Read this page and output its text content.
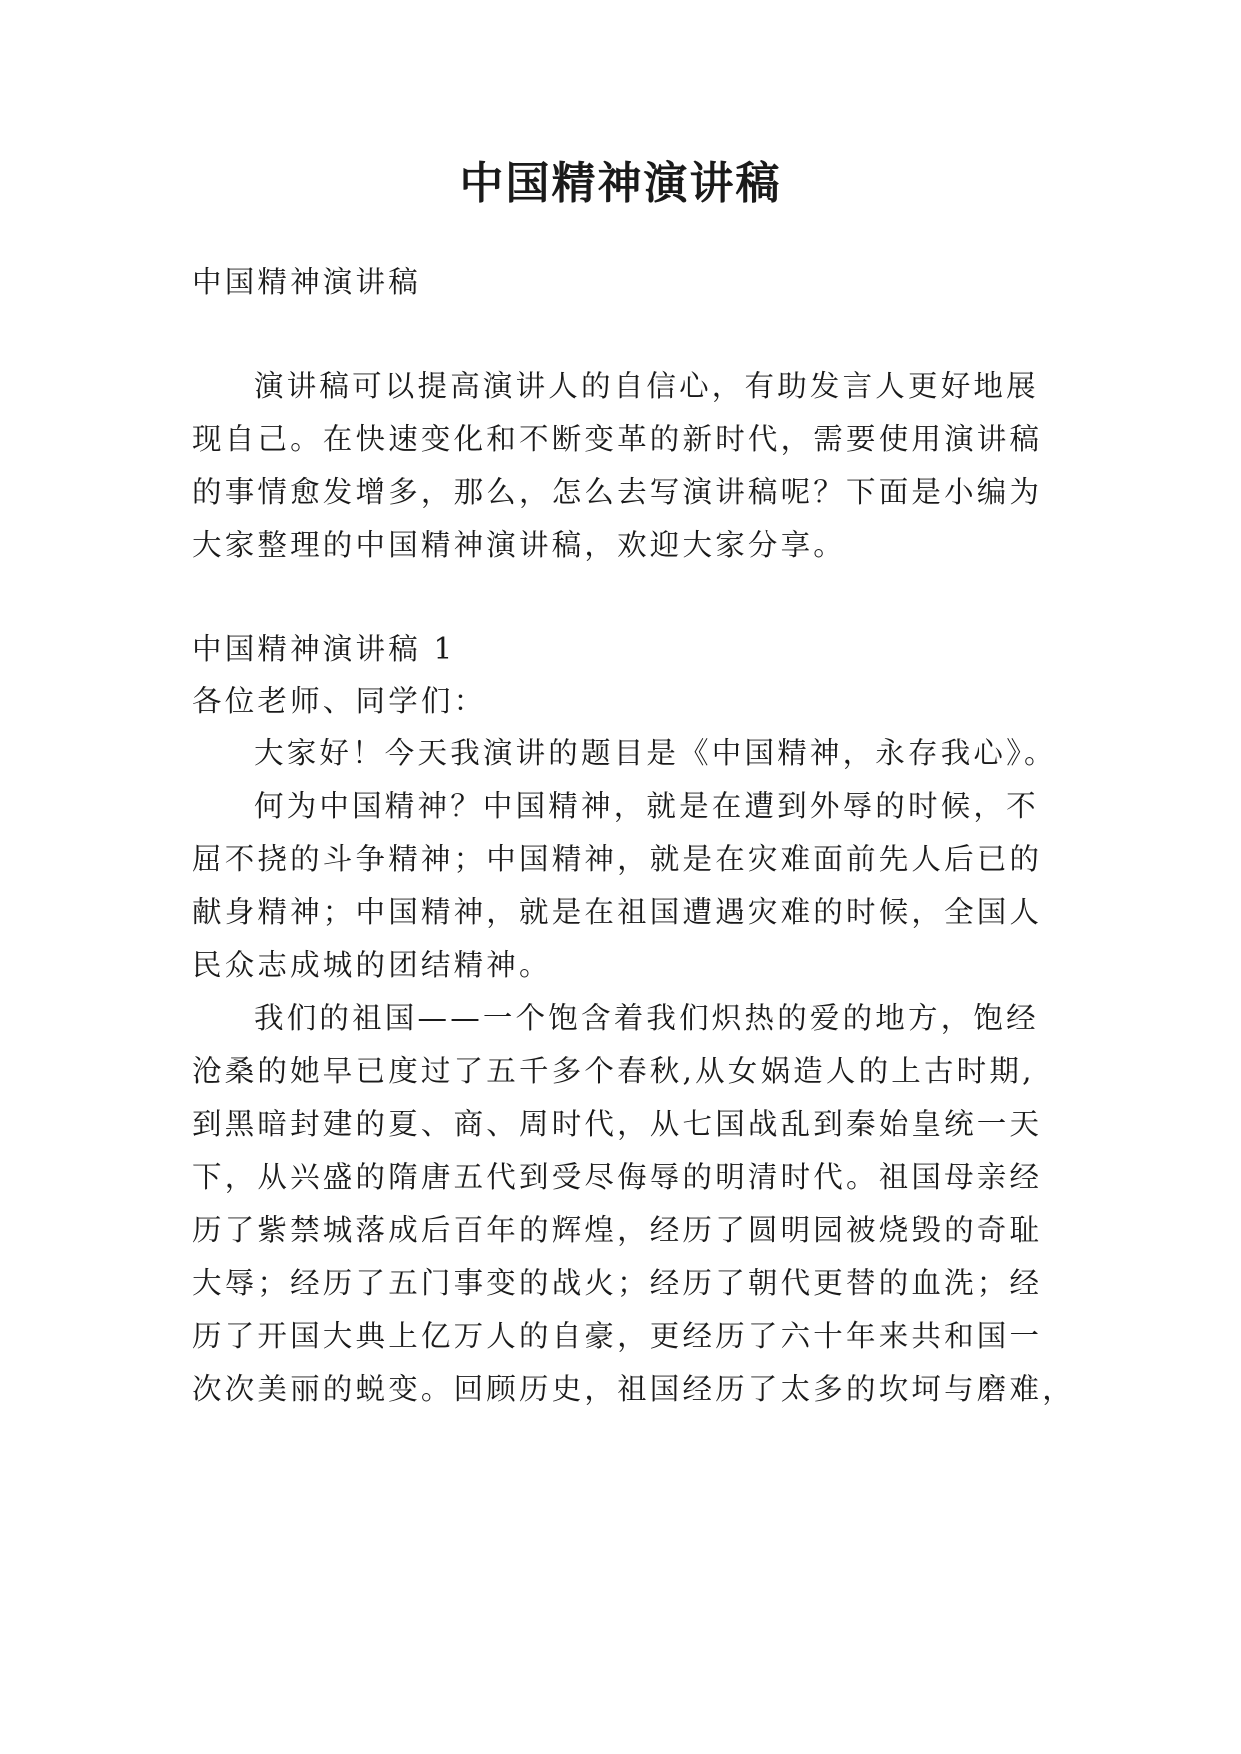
中国精神演讲稿
中国精神演讲稿
演讲稿可以提高演讲人的自信心，有助发言人更好地展
现自己。在快速变化和不断变革的新时代，需要使用演讲稿
的事情愈发增多，那么，怎么去写演讲稿呢？下面是小编为
大家整理的中国精神演讲稿，欢迎大家分享。
中国精神演讲稿 1
各位老师、同学们：
大家好！今天我演讲的题目是《中国精神，永存我心》。
何为中国精神？中国精神，就是在遭到外辱的时候，不
屈不挠的斗争精神；中国精神，就是在灾难面前先人后已的
献身精神；中国精神，就是在祖国遭遇灾难的时候，全国人
民众志成城的团结精神。
我们的祖国——一个饱含着我们炽热的爱的地方，饱经
沧桑的她早已度过了五千多个春秋,从女娲造人的上古时期,
到黑暗封建的夏、商、周时代，从七国战乱到秦始皇统一天
下，从兴盛的隋唐五代到受尽侮辱的明清时代。祖国母亲经
历了紫禁城落成后百年的辉煌，经历了圆明园被烧毁的奇耻
大辱；经历了五门事变的战火；经历了朝代更替的血洗；经
历了开国大典上亿万人的自豪，更经历了六十年来共和国一
次次美丽的蜕变。回顾历史，祖国经历了太多的坎坷与磨难，
